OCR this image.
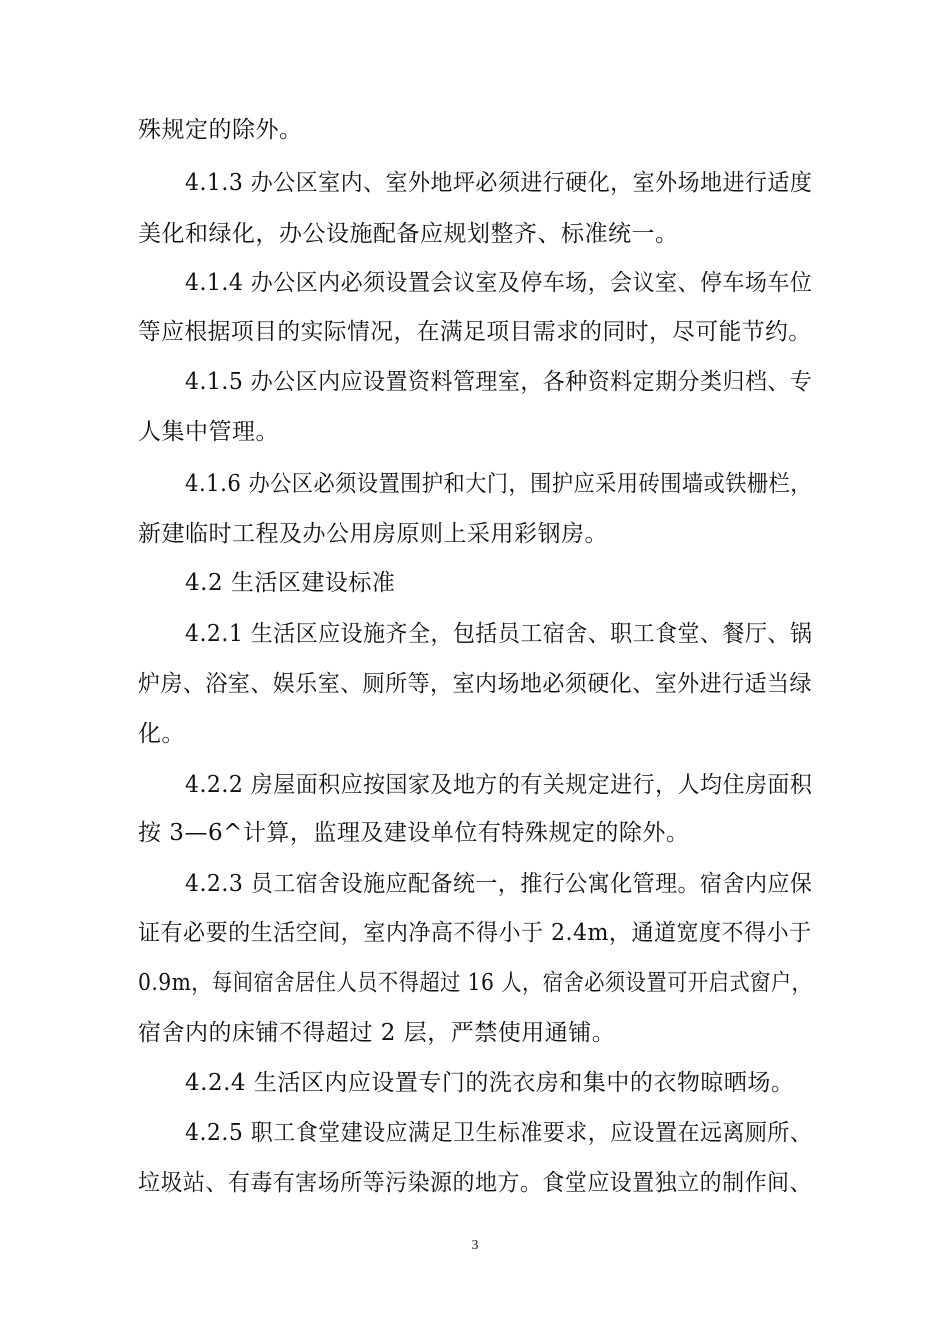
殊规定的除外。
4.1.3 办公区室内、室外地坪必须进行硬化，室外场地进行适度
美化和绿化，办公设施配备应规划整齐、标准统一。
4.1.4 办公区内必须设置会议室及停车场，会议室、停车场车位
等应根据项目的实际情况，在满足项目需求的同时，尽可能节约。
4.1.5 办公区内应设置资料管理室，各种资料定期分类归档、专
人集中管理。
4.1.6 办公区必须设置围护和大门，围护应采用砖围墙或铁栅栏，
新建临时工程及办公用房原则上采用彩钢房。
4.2 生活区建设标准
4.2.1 生活区应设施齐全，包括员工宿舍、职工食堂、餐厅、锅
炉房、浴室、娱乐室、厕所等，室内场地必须硬化、室外进行适当绿
化。
4.2.2 房屋面积应按国家及地方的有关规定进行，人均住房面积
按 3—6^计算，监理及建设单位有特殊规定的除外。
4.2.3 员工宿舍设施应配备统一，推行公寓化管理。宿舍内应保
证有必要的生活空间，室内净高不得小于 2.4m，通道宽度不得小于
0.9m，每间宿舍居住人员不得超过 16 人，宿舍必须设置可开启式窗户，
宿舍内的床铺不得超过 2 层，严禁使用通铺。
4.2.4 生活区内应设置专门的洗衣房和集中的衣物晾晒场。
4.2.5 职工食堂建设应满足卫生标准要求，应设置在远离厕所、
垃圾站、有毒有害场所等污染源的地方。食堂应设置独立的制作间、
3
